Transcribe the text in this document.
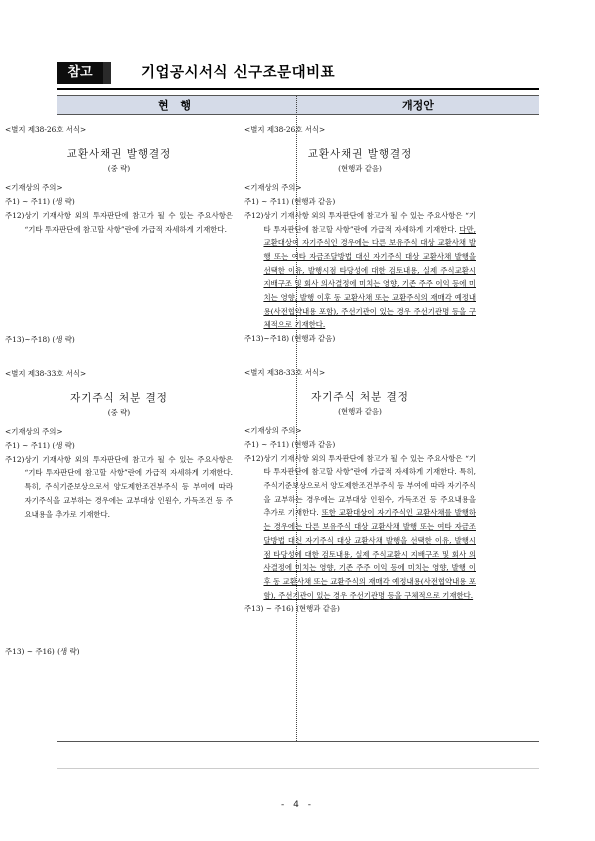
참고	기업공시서식 신구조문대비표
현 행	개정안
<별지 제38-26호 서식>
교환사채권 발행결정
(중 략)
<기재상의 주의>
주1) ~ 주11) (생 략)
주12) 상기 기재사항 외의 투자판단에 참고가 될 수 있는 주요사항은 “기타 투자판단에 참고할 사항”란에 가급적 자세하게 기재한다.
주13)~주18) (생 략)
<별지 제38-33호 서식>
자기주식 처분 결정
(중 략)
<기재상의 주의>
주1) ~ 주11) (생 략)
주12) 상기 기재사항 외의 투자판단에 참고가 될 수 있는 주요사항은 “기타 투자판단에 참고할 사항”란에 가급적 자세하게 기재한다. 특히, 주식기준보상으로서 양도제한조건부주식 등 부여에 따라 자기주식을 교부하는 경우에는 교부대상 인원수, 가득조건 등 주요내용을 추가로 기재한다.
주13) ~ 주16) (생 략)
<별지 제38-26호 서식>
교환사채권 발행결정
(현행과 같음)
<기재상의 주의>
주1) ~ 주11) (현행과 같음)
주12) 상기 기재사항 외의 투자판단에 참고가 될 수 있는 주요사항은 “기타 투자판단에 참고할 사항”란에 가급적 자세하게 기재한다. 다만, 교환대상이 자기주식인 경우에는 다른 보유주식 대상 교환사채 발행 또는 여타 자금조달방법 대신 자기주식 대상 교환사채 발행을 선택한 이유, 발행시점 타당성에 대한 검토내용, 실제 주식교환시 지배구조 및 회사 의사결정에 미치는 영향, 기존 주주 이익 등에 미치는 영향, 발행 이후 동 교환사채 또는 교환주식의 재매각 예정내용(사전협약내용 포함), 주선기관이 있는 경우 주선기관명 등을 구체적으로 기재한다.
주13)~주18) (현행과 같음)
<별지 제38-33호 서식>
자기주식 처분 결정
(현행과 같음)
<기재상의 주의>
주1) ~ 주11) (현행과 같음)
주12) 상기 기재사항 외의 투자판단에 참고가 될 수 있는 주요사항은 “기타 투자판단에 참고할 사항”란에 가급적 자세하게 기재한다. 특히, 주식기준보상으로서 양도제한조건부주식 등 부여에 따라 자기주식을 교부하는 경우에는 교부대상 인원수, 가득조건 등 주요내용을 추가로 기재한다. 또한 교환대상이 자기주식인 교환사채를 발행하는 경우에는 다른 보유주식 대상 교환사채 발행 또는 여타 자금조달방법 대신 자기주식 대상 교환사채 발행을 선택한 이유, 발행시점 타당성에 대한 검토내용, 실제 주식교환시 지배구조 및 회사 의사결정에 미치는 영향, 기존 주주 이익 등에 미치는 영향, 발행 이후 동 교환사채 또는 교환주식의 재매각 예정내용(사전협약내용 포함), 주선기관이 있는 경우 주선기관명 등을 구체적으로 기재한다.
주13) ~ 주16) (현행과 같음)
- 4 -
